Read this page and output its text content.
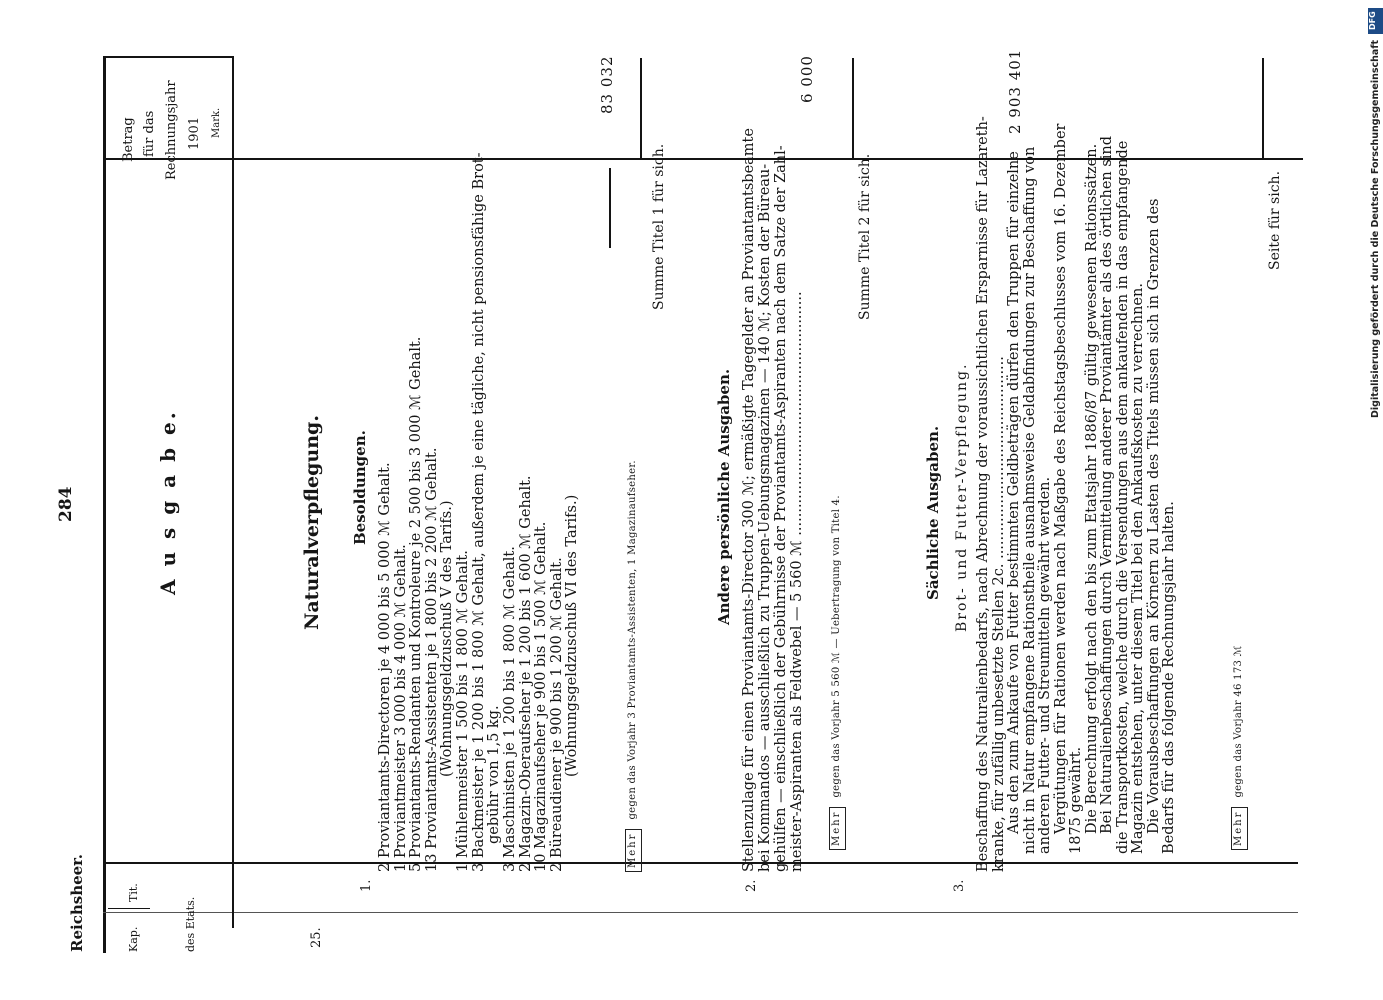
Reichsheer.
284
Kap.
Tit.
des Etats.
A u s g a b e.
Betrag für das Rechnungsjahr 1901 Mark.
25.
Naturalverpflegung.
1.
Besoldungen. 2 Proviantamts-Directoren je 4 000 bis 5 000 ℳ Gehalt. 1 Proviantmeister 3 000 bis 4 000 ℳ Gehalt. 5 Proviantamts-Rendanten und Kontroleure je 2 500 bis 3 000 ℳ Gehalt. 13 Proviantamts-Assistenten je 1 800 bis 2 200 ℳ Gehalt. (Wohnungsgeldzuschuß V des Tarifs.) 1 Mühlenmeister 1 500 bis 1 800 ℳ Gehalt. 3 Backmeister je 1 200 bis 1 800 ℳ Gehalt, außerdem je eine tägliche, nicht pensionsfähige Brot- gebühr von 1,5 kg. 3 Maschinisten je 1 200 bis 1 800 ℳ Gehalt. 2 Magazin-Oberaufseher je 1 200 bis 1 600 ℳ Gehalt. 10 Magazinaufseher je 900 bis 1 500 ℳ Gehalt. 2 Büreaudiener je 900 bis 1 200 ℳ Gehalt. (Wohnungsgeldzuschuß VI des Tarifs.)
Mehr gegen das Vorjahr 3 Proviantamts-Assistenten, 1 Magazinaufseher.
83 032
Summe Titel 1 für sich.
2.
Andere persönliche Ausgaben. Stellenzulage für einen Proviantamts-Director 300 ℳ; ermäßigte Tagegelder an Proviantamtsbeamte bei Kommandos — ausschließlich zu Truppen-Uebungsmagazinen — 140 ℳ; Kosten der Büreau- gehülfen — einschließlich der Gebührnisse der Proviantamts-Aspiranten nach dem Satze der Zahl- meister-Aspiranten als Feldwebel — 5 560 ℳ .....................................................	Mehr gegen das Vorjahr 5 560 ℳ — Uebertragung von Titel 4.
6 000
Summe Titel 2 für sich.
3.
Sächliche Ausgaben. Brot- und Futter-Verpflegung. Beschaffung des Naturalienbedarfs, nach Abrechnung der voraussichtlichen Ersparnisse für Lazareth- kranke, für zufällig unbesetzte Stellen 2c. ............................................ Aus den zum Ankaufe von Futter bestimmten Geldbeträgen dürfen den Truppen für einzelne nicht in Natur empfangene Rationstheile ausnahmsweise Geldabfindungen zur Beschaffung von anderen Futter- und Streumitteln gewährt werden. Vergütungen für Rationen werden nach Maßgabe des Reichstagsbeschlusses vom 16. Dezember 1875 gewährt. Die Berechnung erfolgt nach den bis zum Etatsjahr 1886/87 gültig gewesenen Rationssätzen. Bei Naturalienbeschaffungen durch Vermittelung anderer Proviantämter als des örtlichen sind die Transportkosten, welche durch die Versendungen aus dem ankaufenden in das empfangende Magazin entstehen, unter diesem Titel bei den Ankaufskosten zu verrechnen. Die Vorausbeschaffungen an Körnern zu Lasten des Titels müssen sich in Grenzen des Bedarfs für das folgende Rechnungsjahr halten.	Mehr gegen das Vorjahr 46 173 ℳ
2 903 401
Seite für sich.
DFG
Digitalisierung gefördert durch die Deutsche Forschungsgemeinschaft
